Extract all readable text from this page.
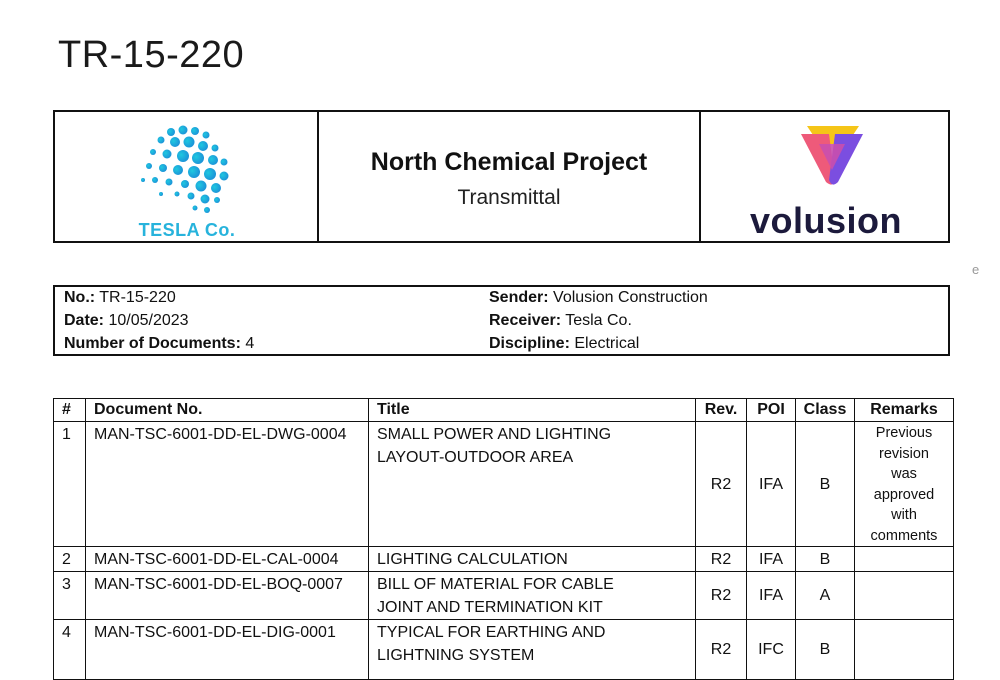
TR-15-220
TESLA Co.
North Chemical Project
Transmittal
volusion
e
No.: TR-15-220
Date: 10/05/2023
Number of Documents: 4
Sender: Volusion Construction
Receiver: Tesla Co.
Discipline: Electrical
#	Document No.	Title	Rev.	POI	Class	Remarks
1	MAN-TSC-6001-DD-EL-DWG-0004	SMALL POWER AND LIGHTING
LAYOUT-OUTDOOR AREA	R2	IFA	B	Previous revision
was approved
with comments
2	MAN-TSC-6001-DD-EL-CAL-0004	LIGHTING CALCULATION	R2	IFA	B	
3	MAN-TSC-6001-DD-EL-BOQ-0007	BILL OF MATERIAL FOR CABLE
JOINT AND TERMINATION KIT	R2	IFA	A	
4	MAN-TSC-6001-DD-EL-DIG-0001	TYPICAL FOR EARTHING AND
LIGHTNING SYSTEM	R2	IFC	B	
